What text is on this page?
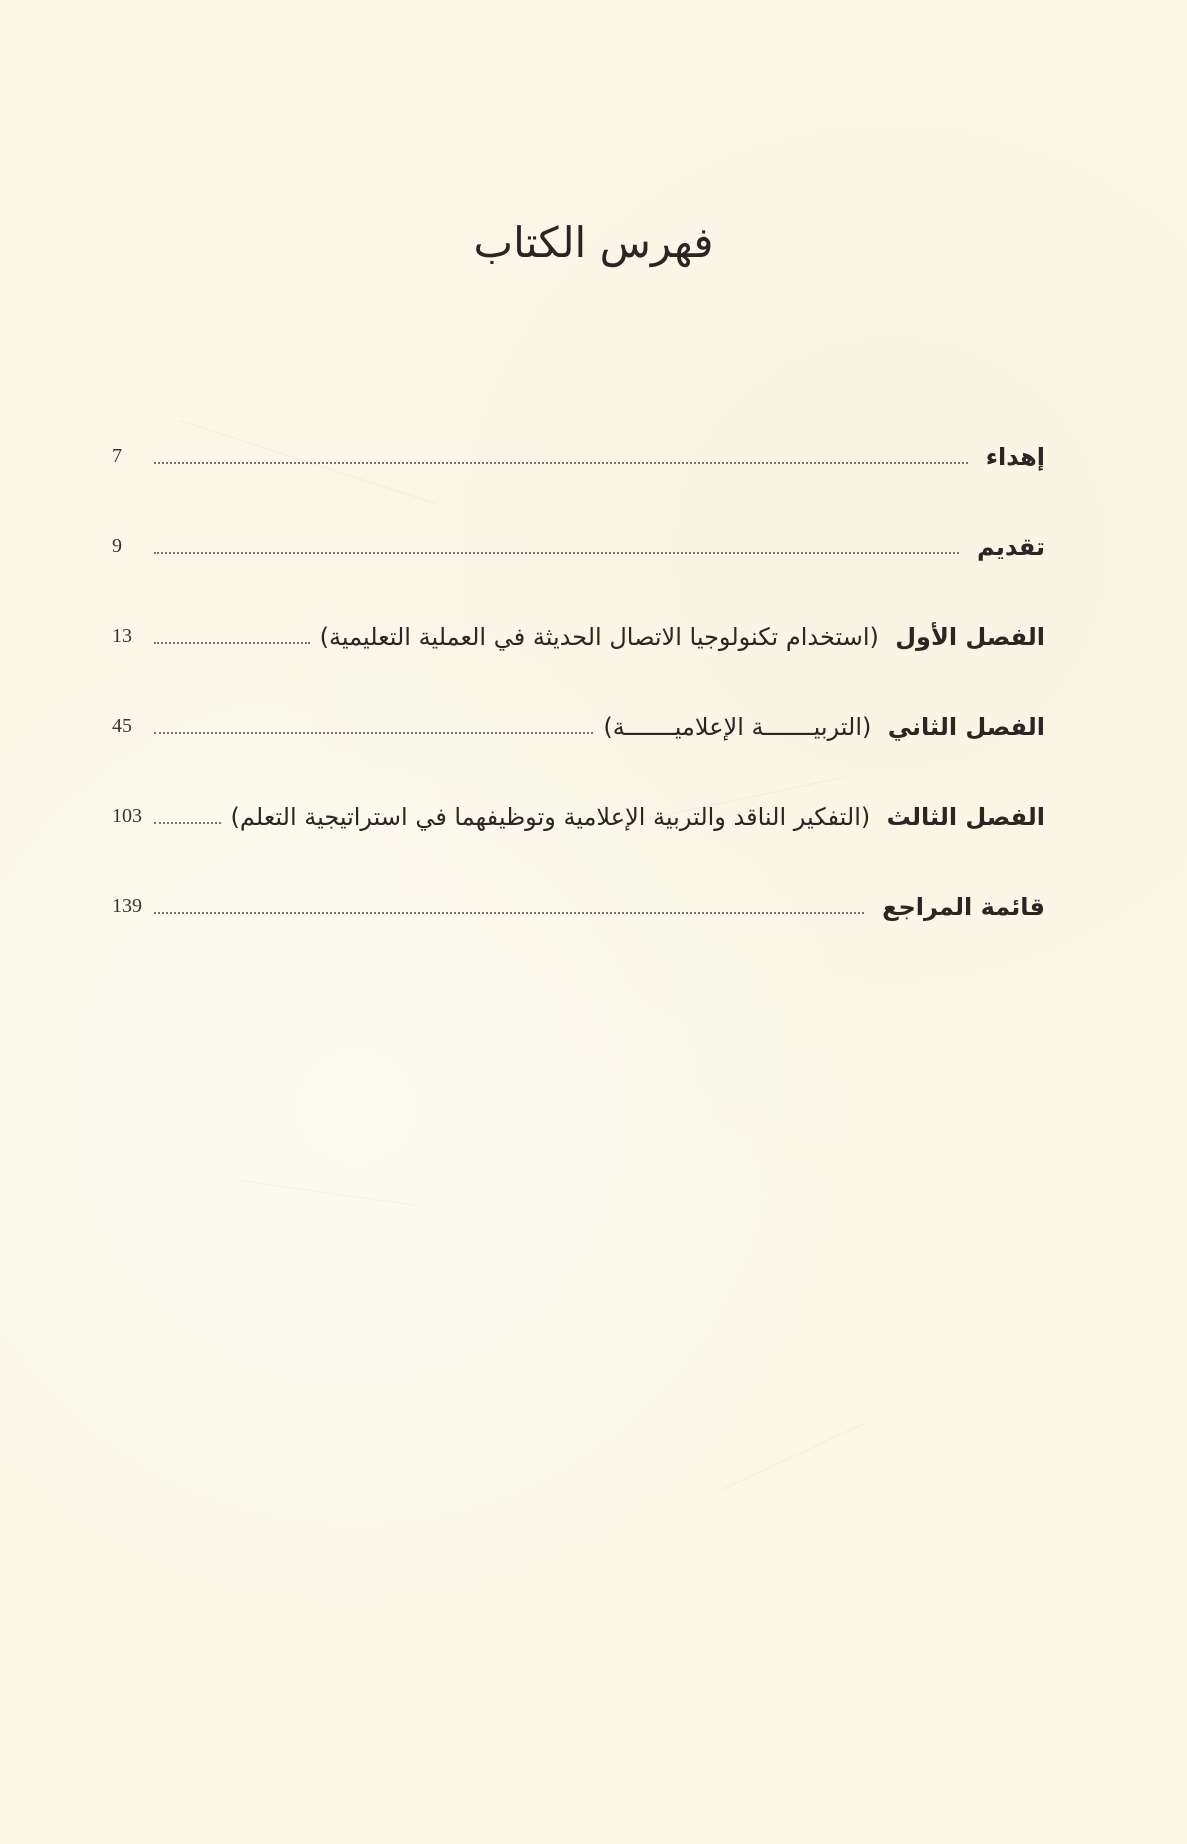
فهرس الكتاب
إهداء
7
تقديم
9
الفصل الأول (استخدام تكنولوجيا الاتصال الحديثة في العملية التعليمية)
13
الفصل الثاني (التربيـــــــة الإعلاميـــــــة)
45
الفصل الثالث (التفكير الناقد والتربية الإعلامية وتوظيفهما في استراتيجية التعلم)
103
قائمة المراجع
139
